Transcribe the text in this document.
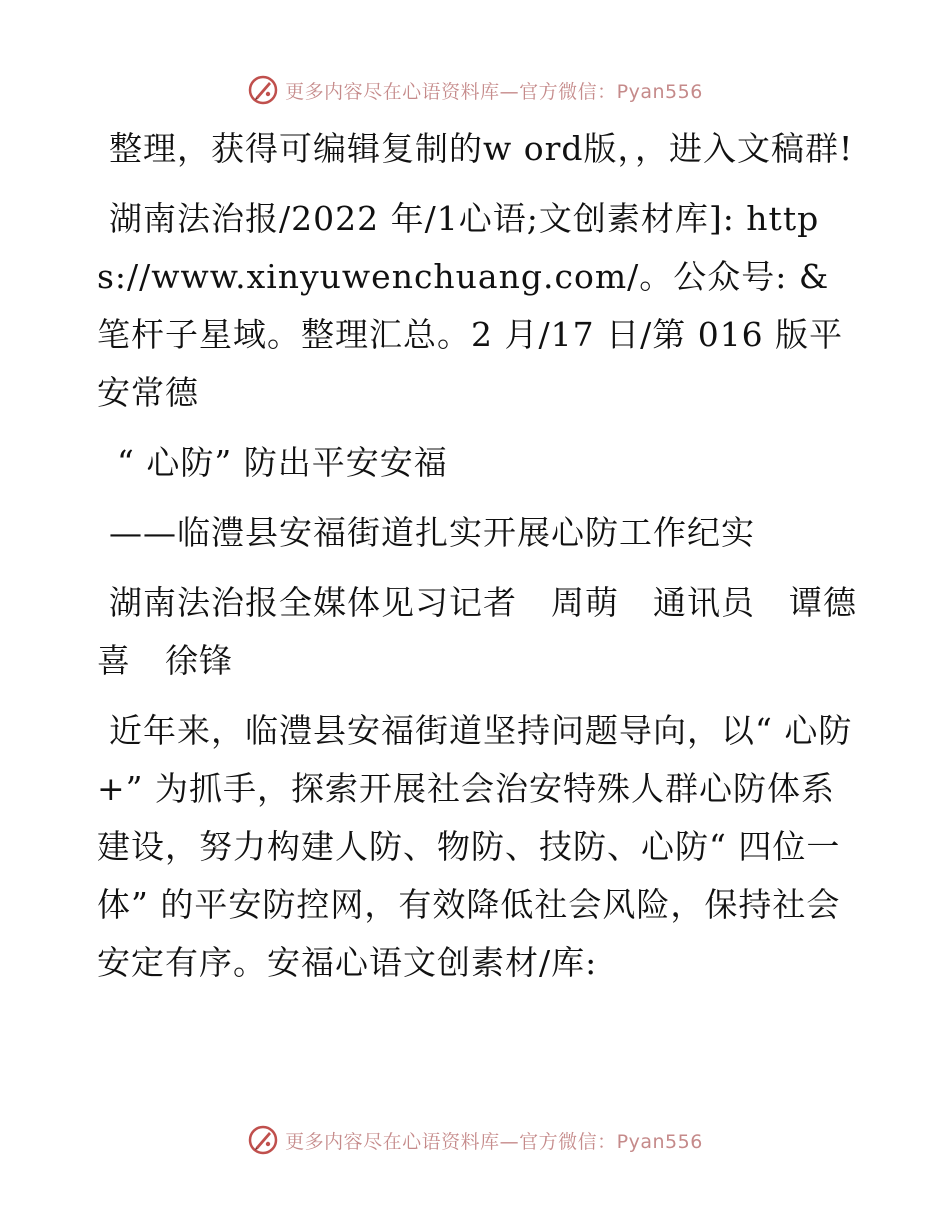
更多内容尽在心语资料库—官方微信：Pyan556

整理，获得可编辑复制的w ord版，，进入文稿群!

湖南法治报/2022 年/1心语;文创素材库]: https://www.xinyuwenchuang.com/。公众号: &笔杆子星域。整理汇总。2 月/17 日/第 016 版平安常德

“ 心防” 防出平安安福

——临澧县安福街道扎实开展心防工作纪实

湖南法治报全媒体见习记者　周萌　通讯员　谭德喜　徐锋

近年来，临澧县安福街道坚持问题导向，以“ 心防+” 为抓手，探索开展社会治安特殊人群心防体系建设，努力构建人防、物防、技防、心防“ 四位一体” 的平安防控网，有效降低社会风险，保持社会安定有序。安福心语文创素材/库:

更多内容尽在心语资料库—官方微信：Pyan556
